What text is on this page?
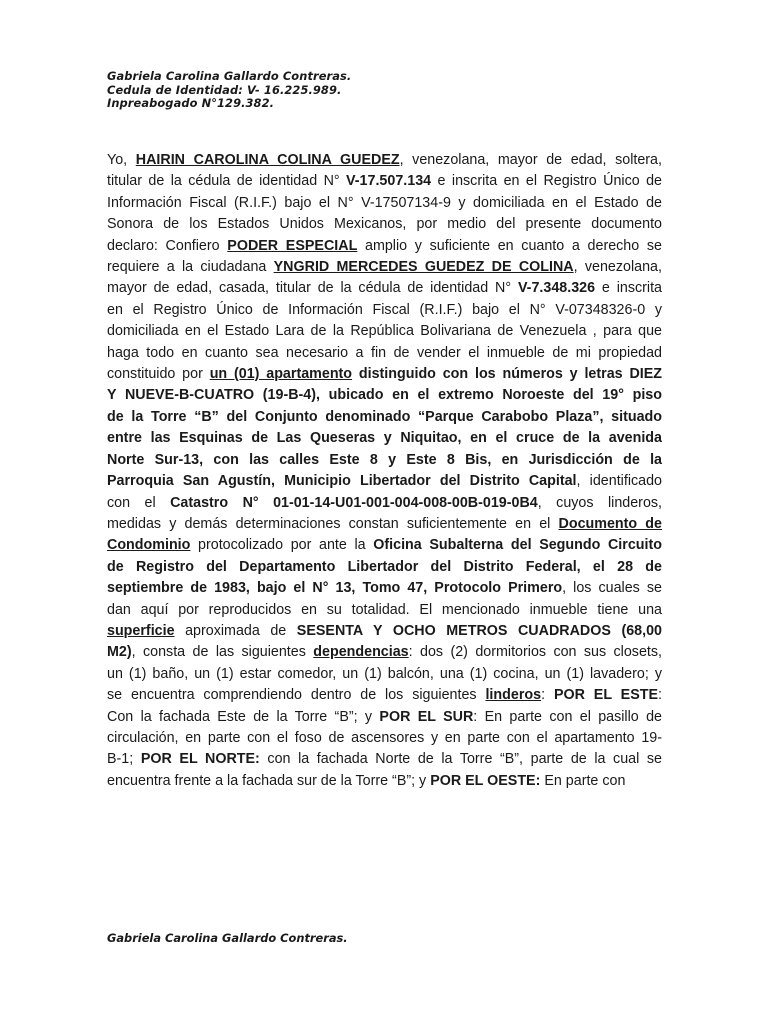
Gabriela Carolina Gallardo Contreras.
Cedula de Identidad: V- 16.225.989.
Inpreabogado N°129.382.
Yo, HAIRIN CAROLINA COLINA GUEDEZ, venezolana, mayor de edad, soltera,
titular de la cédula de identidad N° V-17.507.134 e inscrita en el Registro Único de
Información Fiscal (R.I.F.) bajo el N° V-17507134-9 y domiciliada en el Estado de
Sonora de los Estados Unidos Mexicanos, por medio del presente documento
declaro: Confiero PODER ESPECIAL amplio y suficiente en cuanto a derecho se
requiere a la ciudadana YNGRID MERCEDES GUEDEZ DE COLINA, venezolana,
mayor de edad, casada, titular de la cédula de identidad N° V-7.348.326 e inscrita
en el Registro Único de Información Fiscal (R.I.F.) bajo el N° V-07348326-0 y
domiciliada en el Estado Lara de la República Bolivariana de Venezuela , para que
haga todo en cuanto sea necesario a fin de vender el inmueble de mi propiedad
constituido por un (01) apartamento distinguido con los números y letras DIEZ
Y NUEVE-B-CUATRO (19-B-4), ubicado en el extremo Noroeste del 19° piso
de la Torre “B” del Conjunto denominado “Parque Carabobo Plaza”, situado
entre las Esquinas de Las Queseras y Niquitao, en el cruce de la avenida
Norte Sur-13, con las calles Este 8 y Este 8 Bis, en Jurisdicción de la
Parroquia San Agustín, Municipio Libertador del Distrito Capital, identificado
con el Catastro N° 01-01-14-U01-001-004-008-00B-019-0B4, cuyos linderos,
medidas y demás determinaciones constan suficientemente en el Documento de
Condominio protocolizado por ante la Oficina Subalterna del Segundo Circuito
de Registro del Departamento Libertador del Distrito Federal, el 28 de
septiembre de 1983, bajo el N° 13, Tomo 47, Protocolo Primero, los cuales se
dan aquí por reproducidos en su totalidad. El mencionado inmueble tiene una
superficie aproximada de SESENTA Y OCHO METROS CUADRADOS (68,00
M2), consta de las siguientes dependencias: dos (2) dormitorios con sus closets,
un (1) baño, un (1) estar comedor, un (1) balcón, una (1) cocina, un (1) lavadero; y
se encuentra comprendiendo dentro de los siguientes linderos: POR EL ESTE:
Con la fachada Este de la Torre “B”; y POR EL SUR: En parte con el pasillo de
circulación, en parte con el foso de ascensores y en parte con el apartamento 19-
B-1; POR EL NORTE: con la fachada Norte de la Torre “B”, parte de la cual se
encuentra frente a la fachada sur de la Torre “B”; y POR EL OESTE: En parte con
Gabriela Carolina Gallardo Contreras.
